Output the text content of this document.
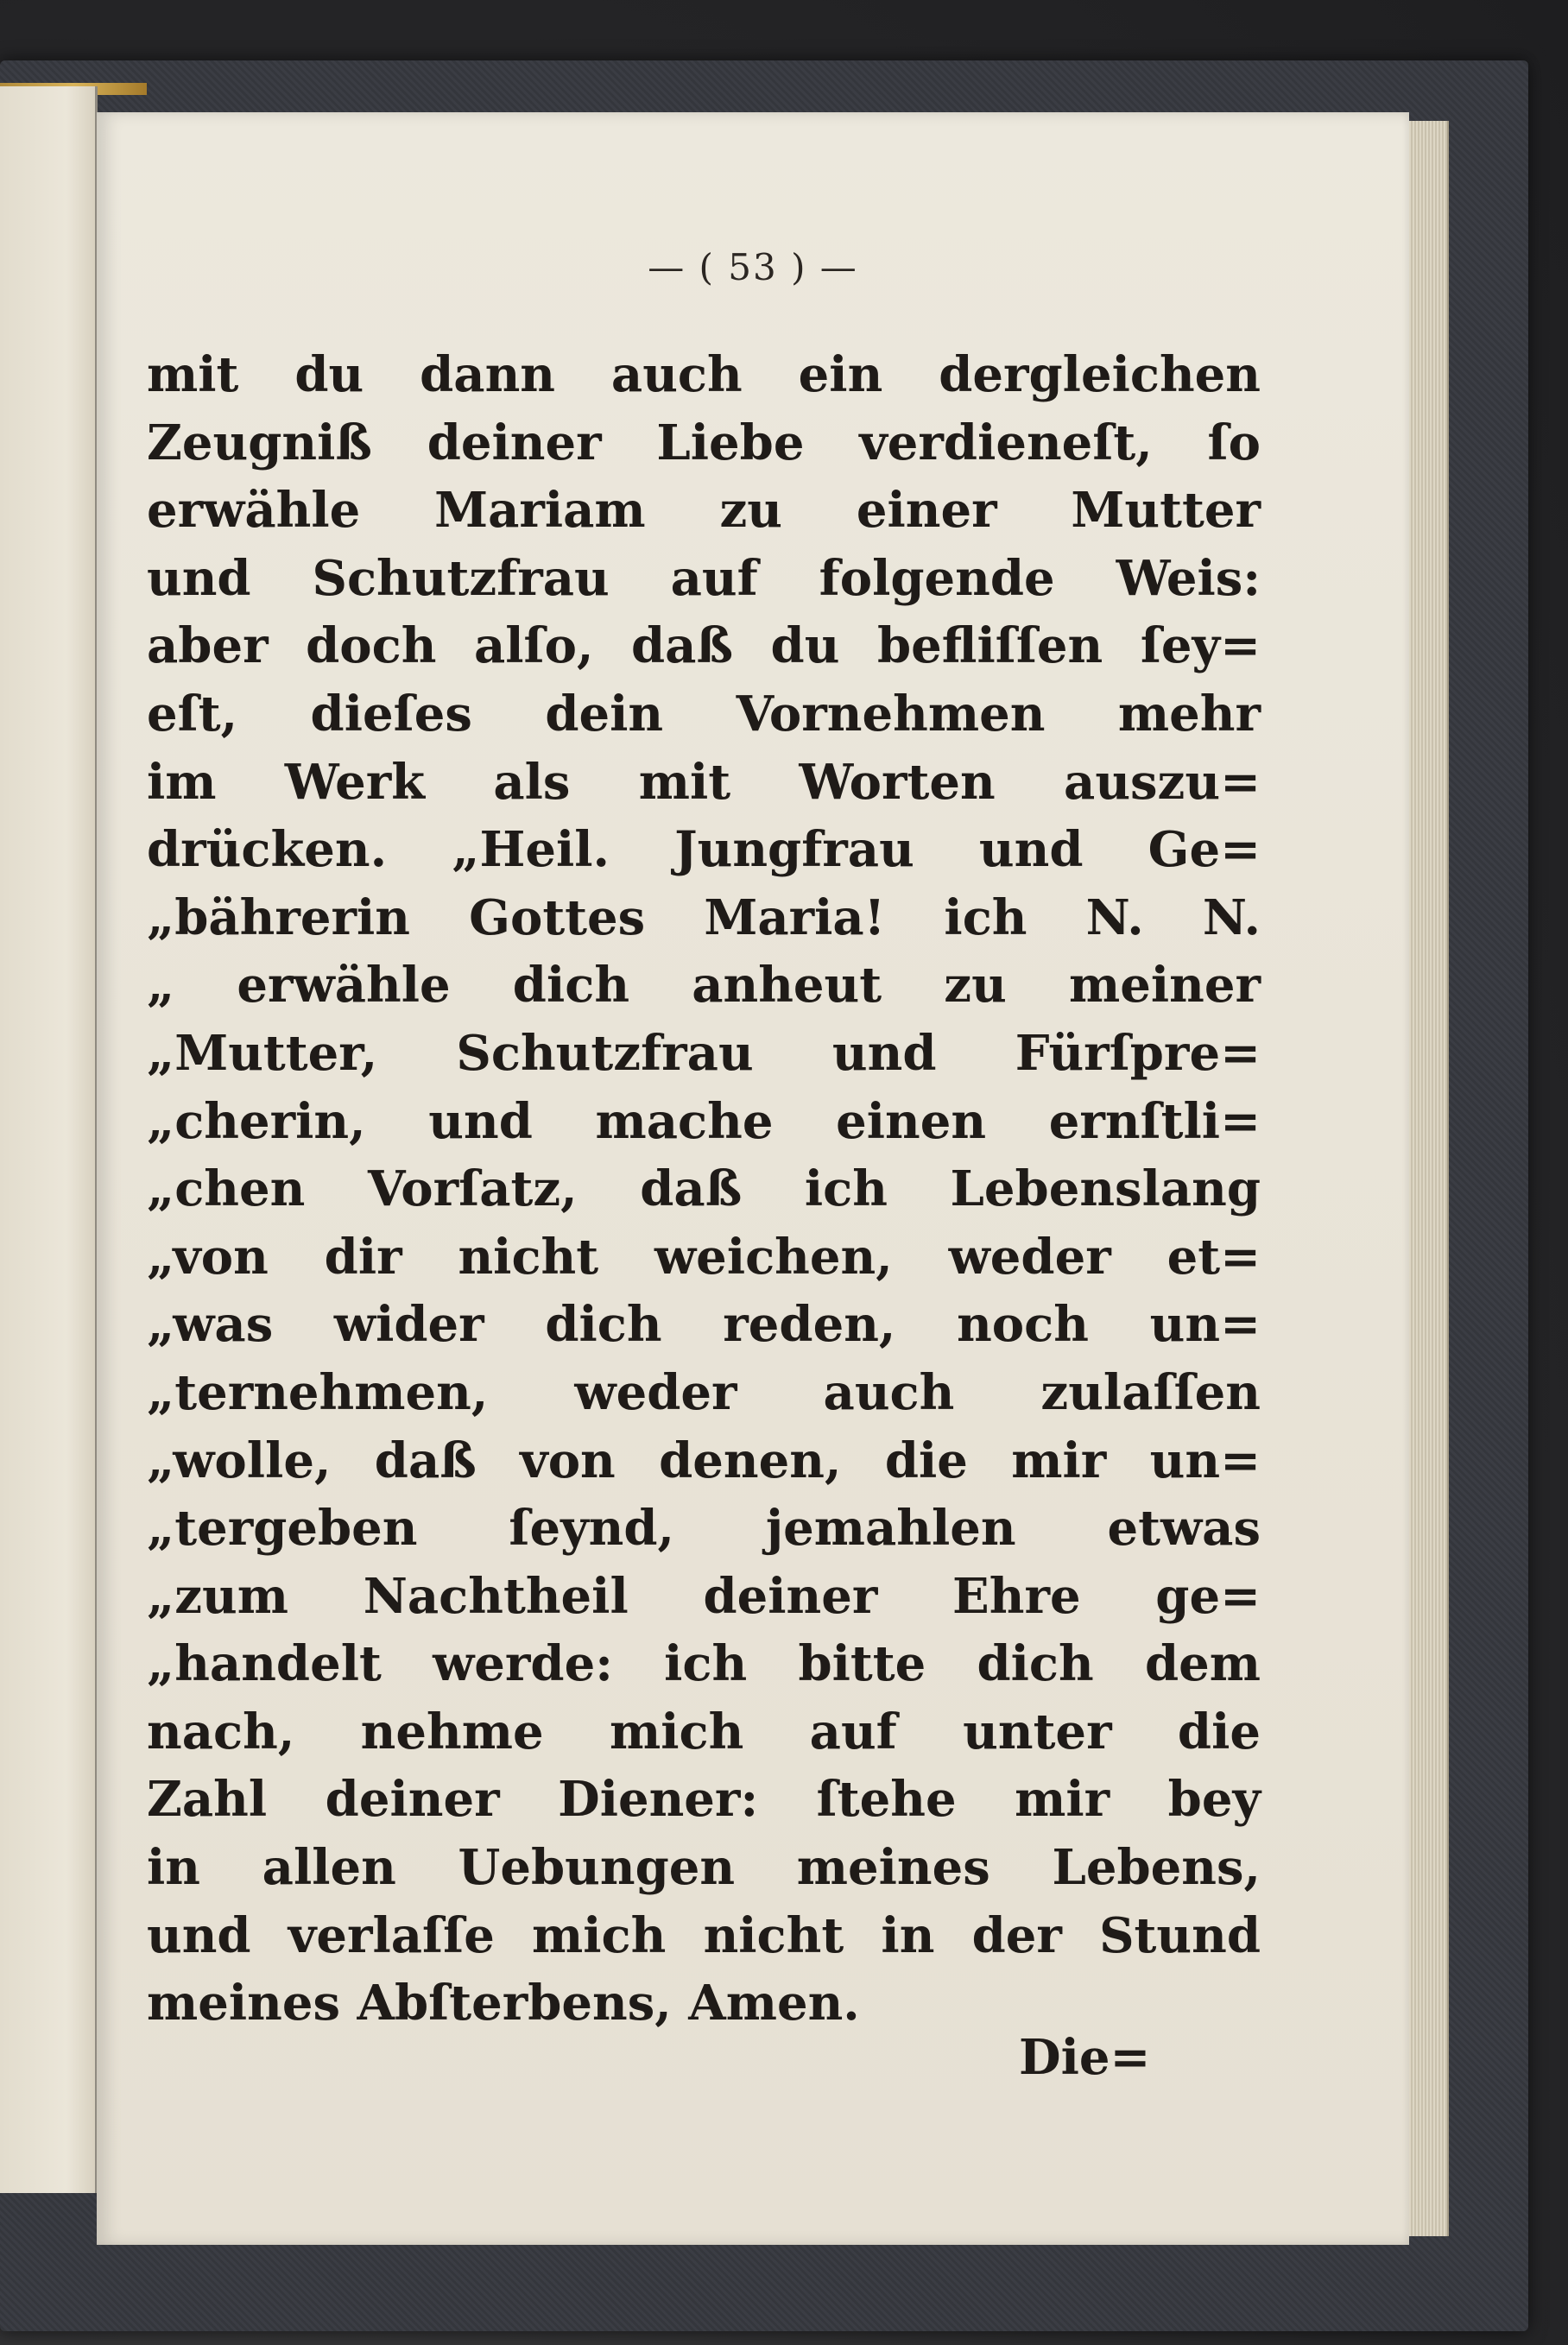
— ( 53 ) —
mit du dann auch ein dergleichen
Zeugniß deiner Liebe verdieneſt, ſo
erwähle Mariam zu einer Mutter
und Schutzfrau auf folgende Weis:
aber doch alſo, daß du befliſſen ſey=
eſt, dieſes dein Vornehmen mehr
im Werk als mit Worten auszu=
drücken. „Heil. Jungfrau und Ge=
„bährerin Gottes Maria! ich N. N.
„ erwähle dich anheut zu meiner
„Mutter, Schutzfrau und Fürſpre=
„cherin, und mache einen ernſtli=
„chen Vorſatz, daß ich Lebenslang
„von dir nicht weichen, weder et=
„was wider dich reden, noch un=
„ternehmen, weder auch zulaſſen
„wolle, daß von denen, die mir un=
„tergeben ſeynd, jemahlen etwas
„zum Nachtheil deiner Ehre ge=
„handelt werde: ich bitte dich dem
nach, nehme mich auf unter die
Zahl deiner Diener: ſtehe mir bey
in allen Uebungen meines Lebens,
und verlaſſe mich nicht in der Stund
meines Abſterbens, Amen.
Die=
